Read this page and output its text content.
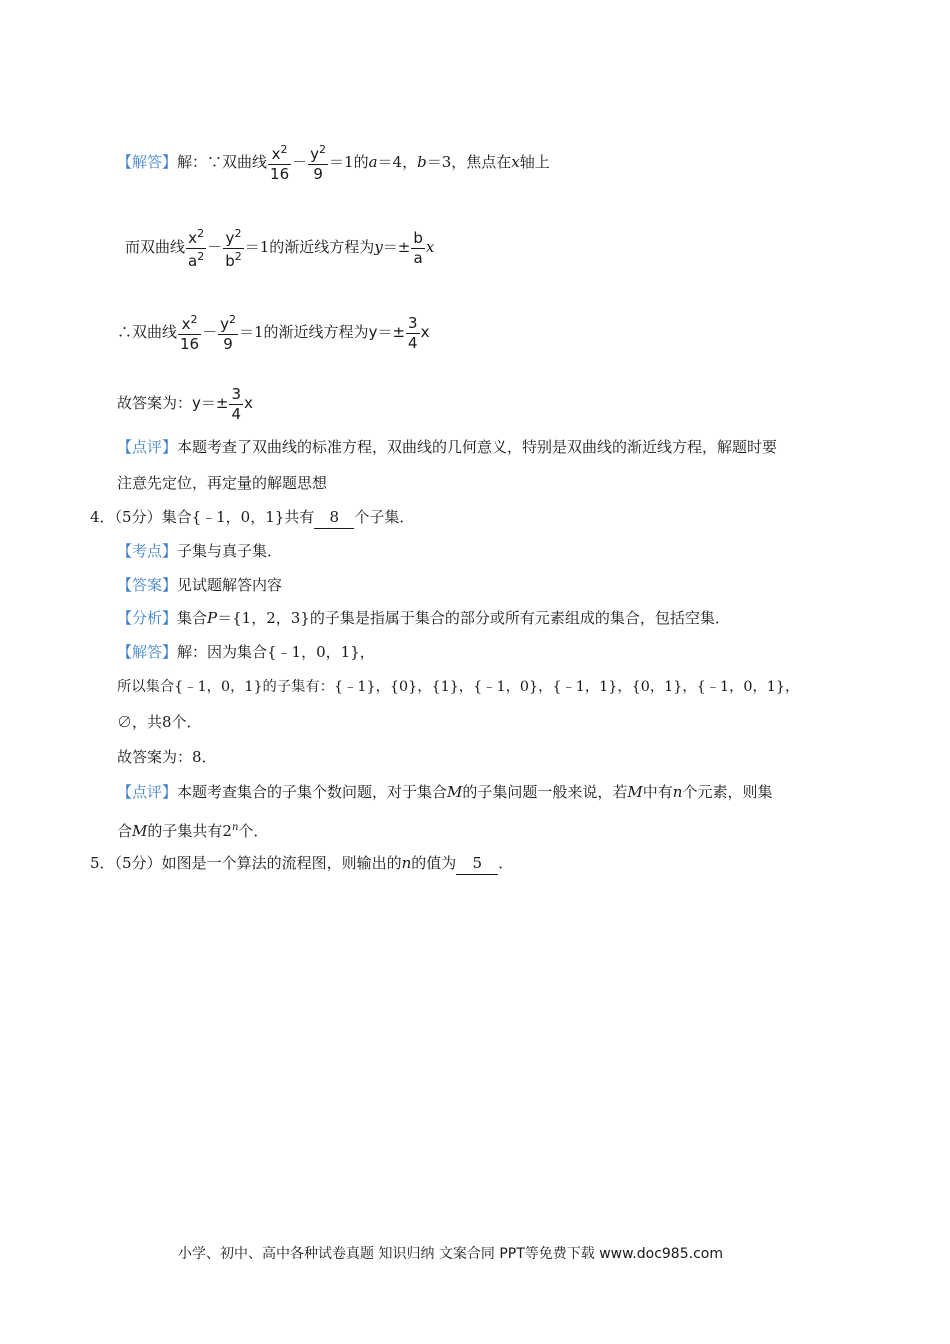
【解答】解：∵双曲线 $\frac{x^2}{16} - \frac{y^2}{9} =1$的a＝4，b＝3，焦点在x轴上
而双曲线 $\frac{x^2}{a^2} - \frac{y^2}{b^2} =1$的渐近线方程为$y=\pm \frac{b}{a}$ x
∴双曲线 $\frac{x^2}{16} - \frac{y^2}{9} =1$的渐近线方程为$y=\pm \frac{3}{4}$ x
故答案为：$y=\pm \frac{3}{4}$ x
【点评】本题考查了双曲线的标准方程，双曲线的几何意义，特别是双曲线的渐近线方程，解题时要
注意先定位，再定量的解题思想
4．（5分）集合{﹣1，0，1}共有 8 个子集．
【考点】子集与真子集．
【答案】见试题解答内容
【分析】集合P＝{1，2，3}的子集是指属于集合的部分或所有元素组成的集合，包括空集．
【解答】解：因为集合{﹣1，0，1}，
所以集合{﹣1，0，1}的子集有：{﹣1}，{0}，{1}，{﹣1，0}，{﹣1，1}，{0，1}，{﹣1，0，1}，
∅，共8个．
故答案为：8．
【点评】本题考查集合的子集个数问题，对于集合M的子集问题一般来说，若M中有n个元素，则集
合M的子集共有2$^n$个．
5．（5分）如图是一个算法的流程图，则输出的n的值为 5 ．
小学、初中、高中各种试卷真题 知识归纳 文案合同 PPT等免费下载 www.doc985.com
